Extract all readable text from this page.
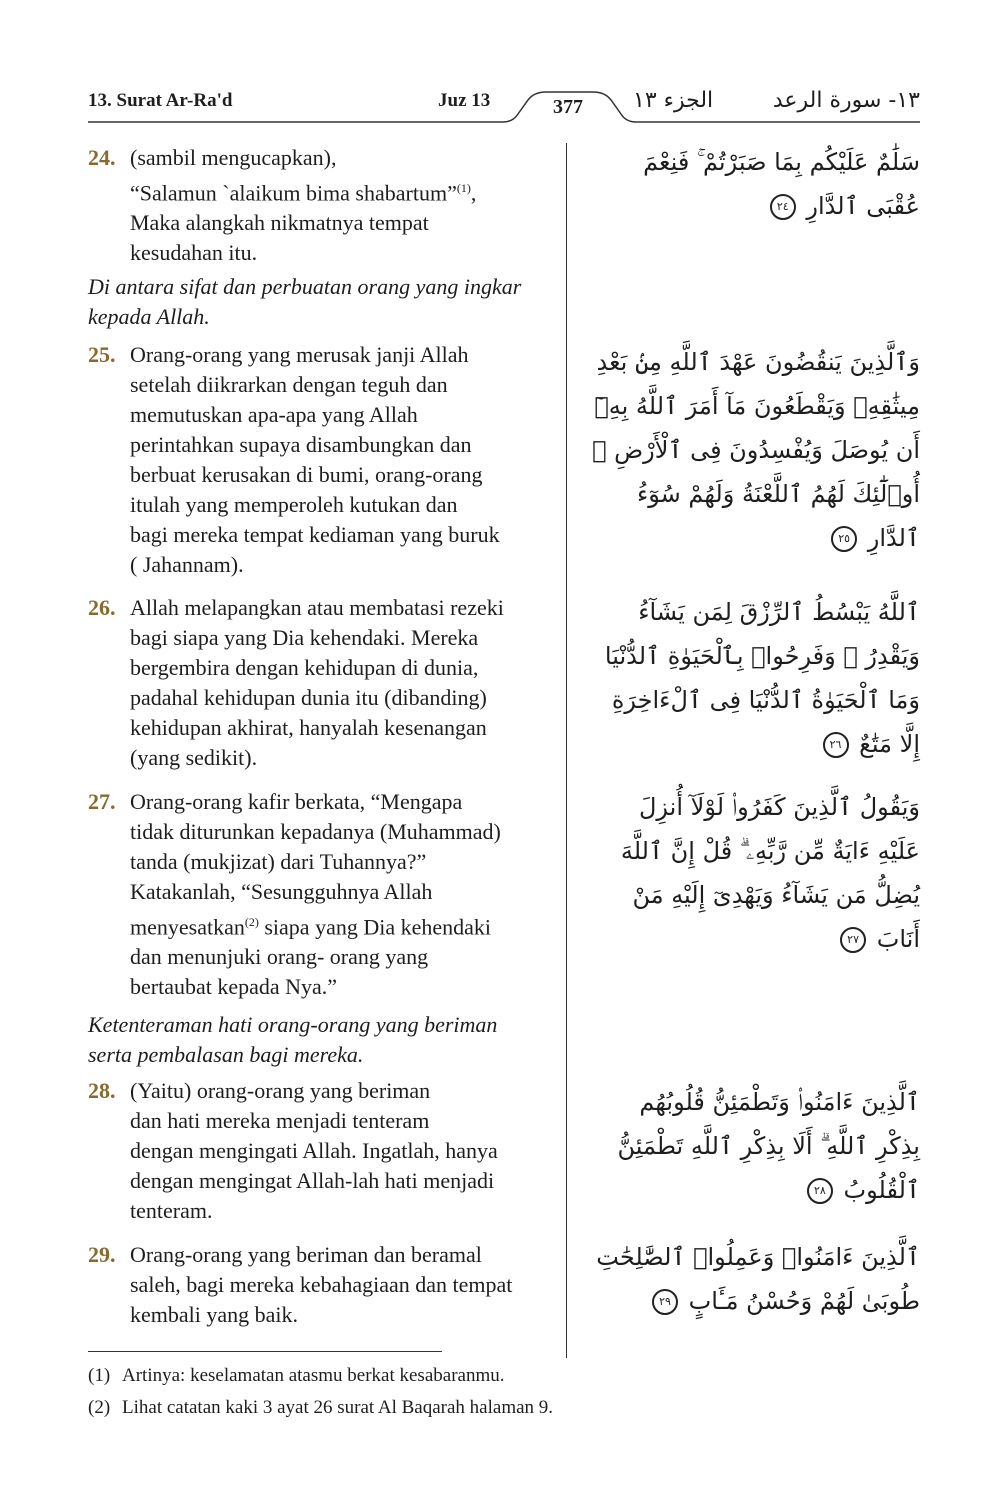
13. Surat Ar-Ra'd	Juz 13	377 الجزء ١٣	١٣- سورة الرعد
24. (sambil mengucapkan),
“Salamun `alaikum bima shabartum”$^{(1)}$,
Maka alangkah nikmatnya tempat
kesudahan itu.
سَلَٰمٌ عَلَيْكُم بِمَا صَبَرْتُمْ ۚ فَنِعْمَ عُقْبَى ٱلدَّارِ ٢٤
Di antara sifat dan perbuatan orang yang ingkar
kepada Allah.
25. Orang-orang yang merusak janji Allah
setelah diikrarkan dengan teguh dan
memutuskan apa-apa yang Allah
perintahkan supaya disambungkan dan
berbuat kerusakan di bumi, orang-orang
itulah yang memperoleh kutukan dan
bagi mereka tempat kediaman yang buruk
( Jahannam).
وَٱلَّذِينَ يَنقُضُونَ عَهْدَ ٱللَّهِ مِنۢ بَعْدِ مِيثَٰقِهِۦ وَيَقْطَعُونَ مَآ أَمَرَ ٱللَّهُ بِهِۦٓ أَن يُوصَلَ وَيُفْسِدُونَ فِى ٱلْأَرْضِ ۙ أُو۟لَٰٓئِكَ لَهُمُ ٱللَّعْنَةُ وَلَهُمْ سُوٓءُ ٱلدَّارِ ٢٥
26. Allah melapangkan atau membatasi rezeki
bagi siapa yang Dia kehendaki. Mereka
bergembira dengan kehidupan di dunia,
padahal kehidupan dunia itu (dibanding)
kehidupan akhirat, hanyalah kesenangan
(yang sedikit).
ٱللَّهُ يَبْسُطُ ٱلرِّزْقَ لِمَن يَشَآءُ وَيَقْدِرُ ۚ وَفَرِحُوا۟ بِٱلْحَيَوٰةِ ٱلدُّنْيَا وَمَا ٱلْحَيَوٰةُ ٱلدُّنْيَا فِى ٱلْءَاخِرَةِ إِلَّا مَتَٰعٌ ٢٦
27. Orang-orang kafir berkata, “Mengapa
tidak diturunkan kepadanya (Muhammad)
tanda (mukjizat) dari Tuhannya?”
Katakanlah, “Sesungguhnya Allah
menyesatkan$^{(2)}$ siapa yang Dia kehendaki
dan menunjuki orang- orang yang
bertaubat kepada Nya.”
وَيَقُولُ ٱلَّذِينَ كَفَرُوا۟ لَوْلَآ أُنزِلَ عَلَيْهِ ءَايَةٌ مِّن رَّبِّهِۦ ۗ قُلْ إِنَّ ٱللَّهَ يُضِلُّ مَن يَشَآءُ وَيَهْدِىٓ إِلَيْهِ مَنْ أَنَابَ ٢٧
Ketenteraman hati orang-orang yang beriman
serta pembalasan bagi mereka.
28. (Yaitu) orang-orang yang beriman
dan hati mereka menjadi tenteram
dengan mengingati Allah. Ingatlah, hanya
dengan mengingat Allah-lah hati menjadi
tenteram.
ٱلَّذِينَ ءَامَنُوا۟ وَتَطْمَئِنُّ قُلُوبُهُم بِذِكْرِ ٱللَّهِ ۗ أَلَا بِذِكْرِ ٱللَّهِ تَطْمَئِنُّ ٱلْقُلُوبُ ٢٨
29. Orang-orang yang beriman dan beramal
saleh, bagi mereka kebahagiaan dan tempat
kembali yang baik.
ٱلَّذِينَ ءَامَنُوا۟ وَعَمِلُوا۟ ٱلصَّٰلِحَٰتِ طُوبَىٰ لَهُمْ وَحُسْنُ مَـَٔابٍ ٢٩
(1) Artinya: keselamatan atasmu berkat kesabaranmu.
(2) Lihat catatan kaki 3 ayat 26 surat Al Baqarah halaman 9.
